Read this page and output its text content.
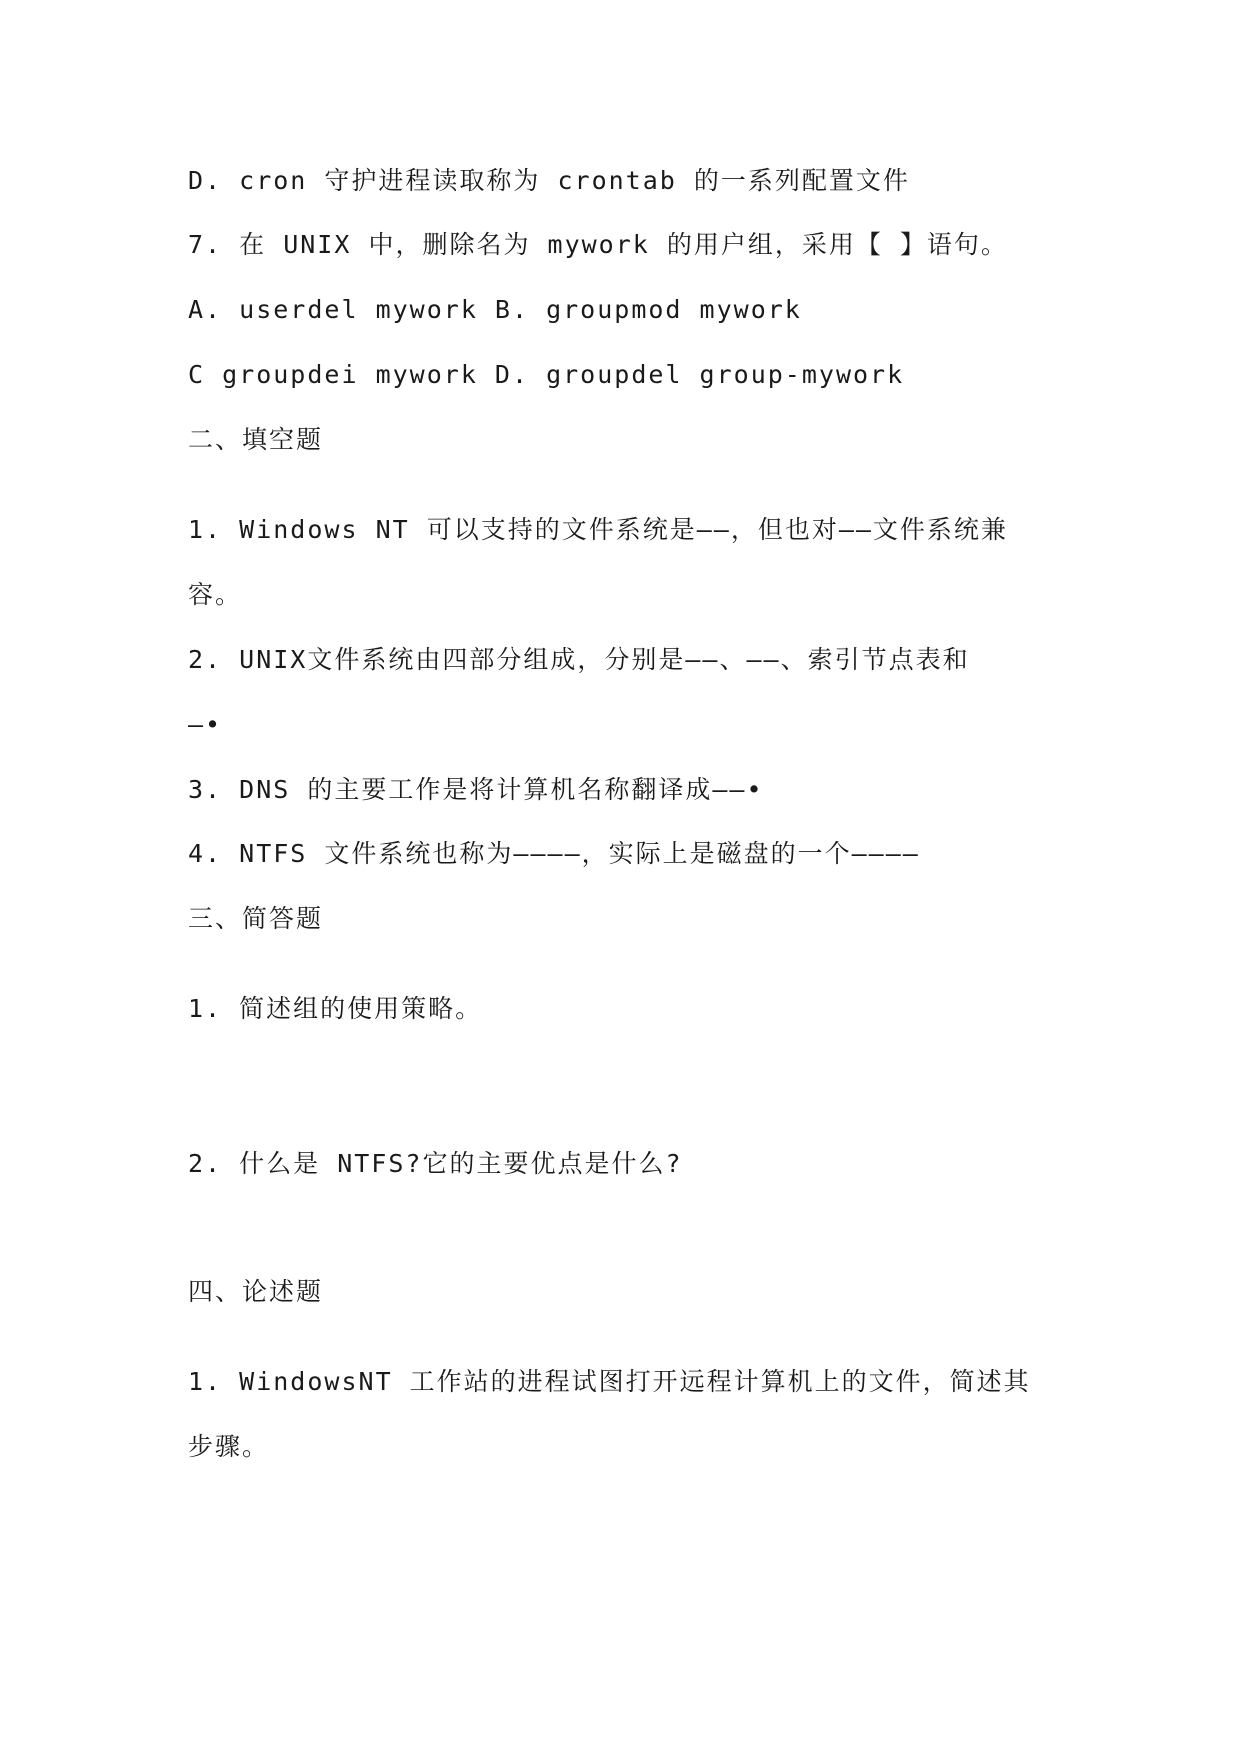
D. cron 守护进程读取称为 crontab 的一系列配置文件
7. 在 UNIX 中，删除名为 mywork 的用户组，采用【 】语句。
A. userdel mywork B. groupmod mywork
C groupdei mywork D. groupdel group-mywork
二、填空题
1. Windows NT 可以支持的文件系统是——，但也对——文件系统兼
容。
2. UNIX文件系统由四部分组成，分别是——、——、索引节点表和
—•
3. DNS 的主要工作是将计算机名称翻译成——•
4. NTFS 文件系统也称为————，实际上是磁盘的一个————
三、简答题
1. 简述组的使用策略。
2. 什么是 NTFS?它的主要优点是什么?
四、论述题
1. WindowsNT 工作站的进程试图打开远程计算机上的文件，简述其
步骤。
